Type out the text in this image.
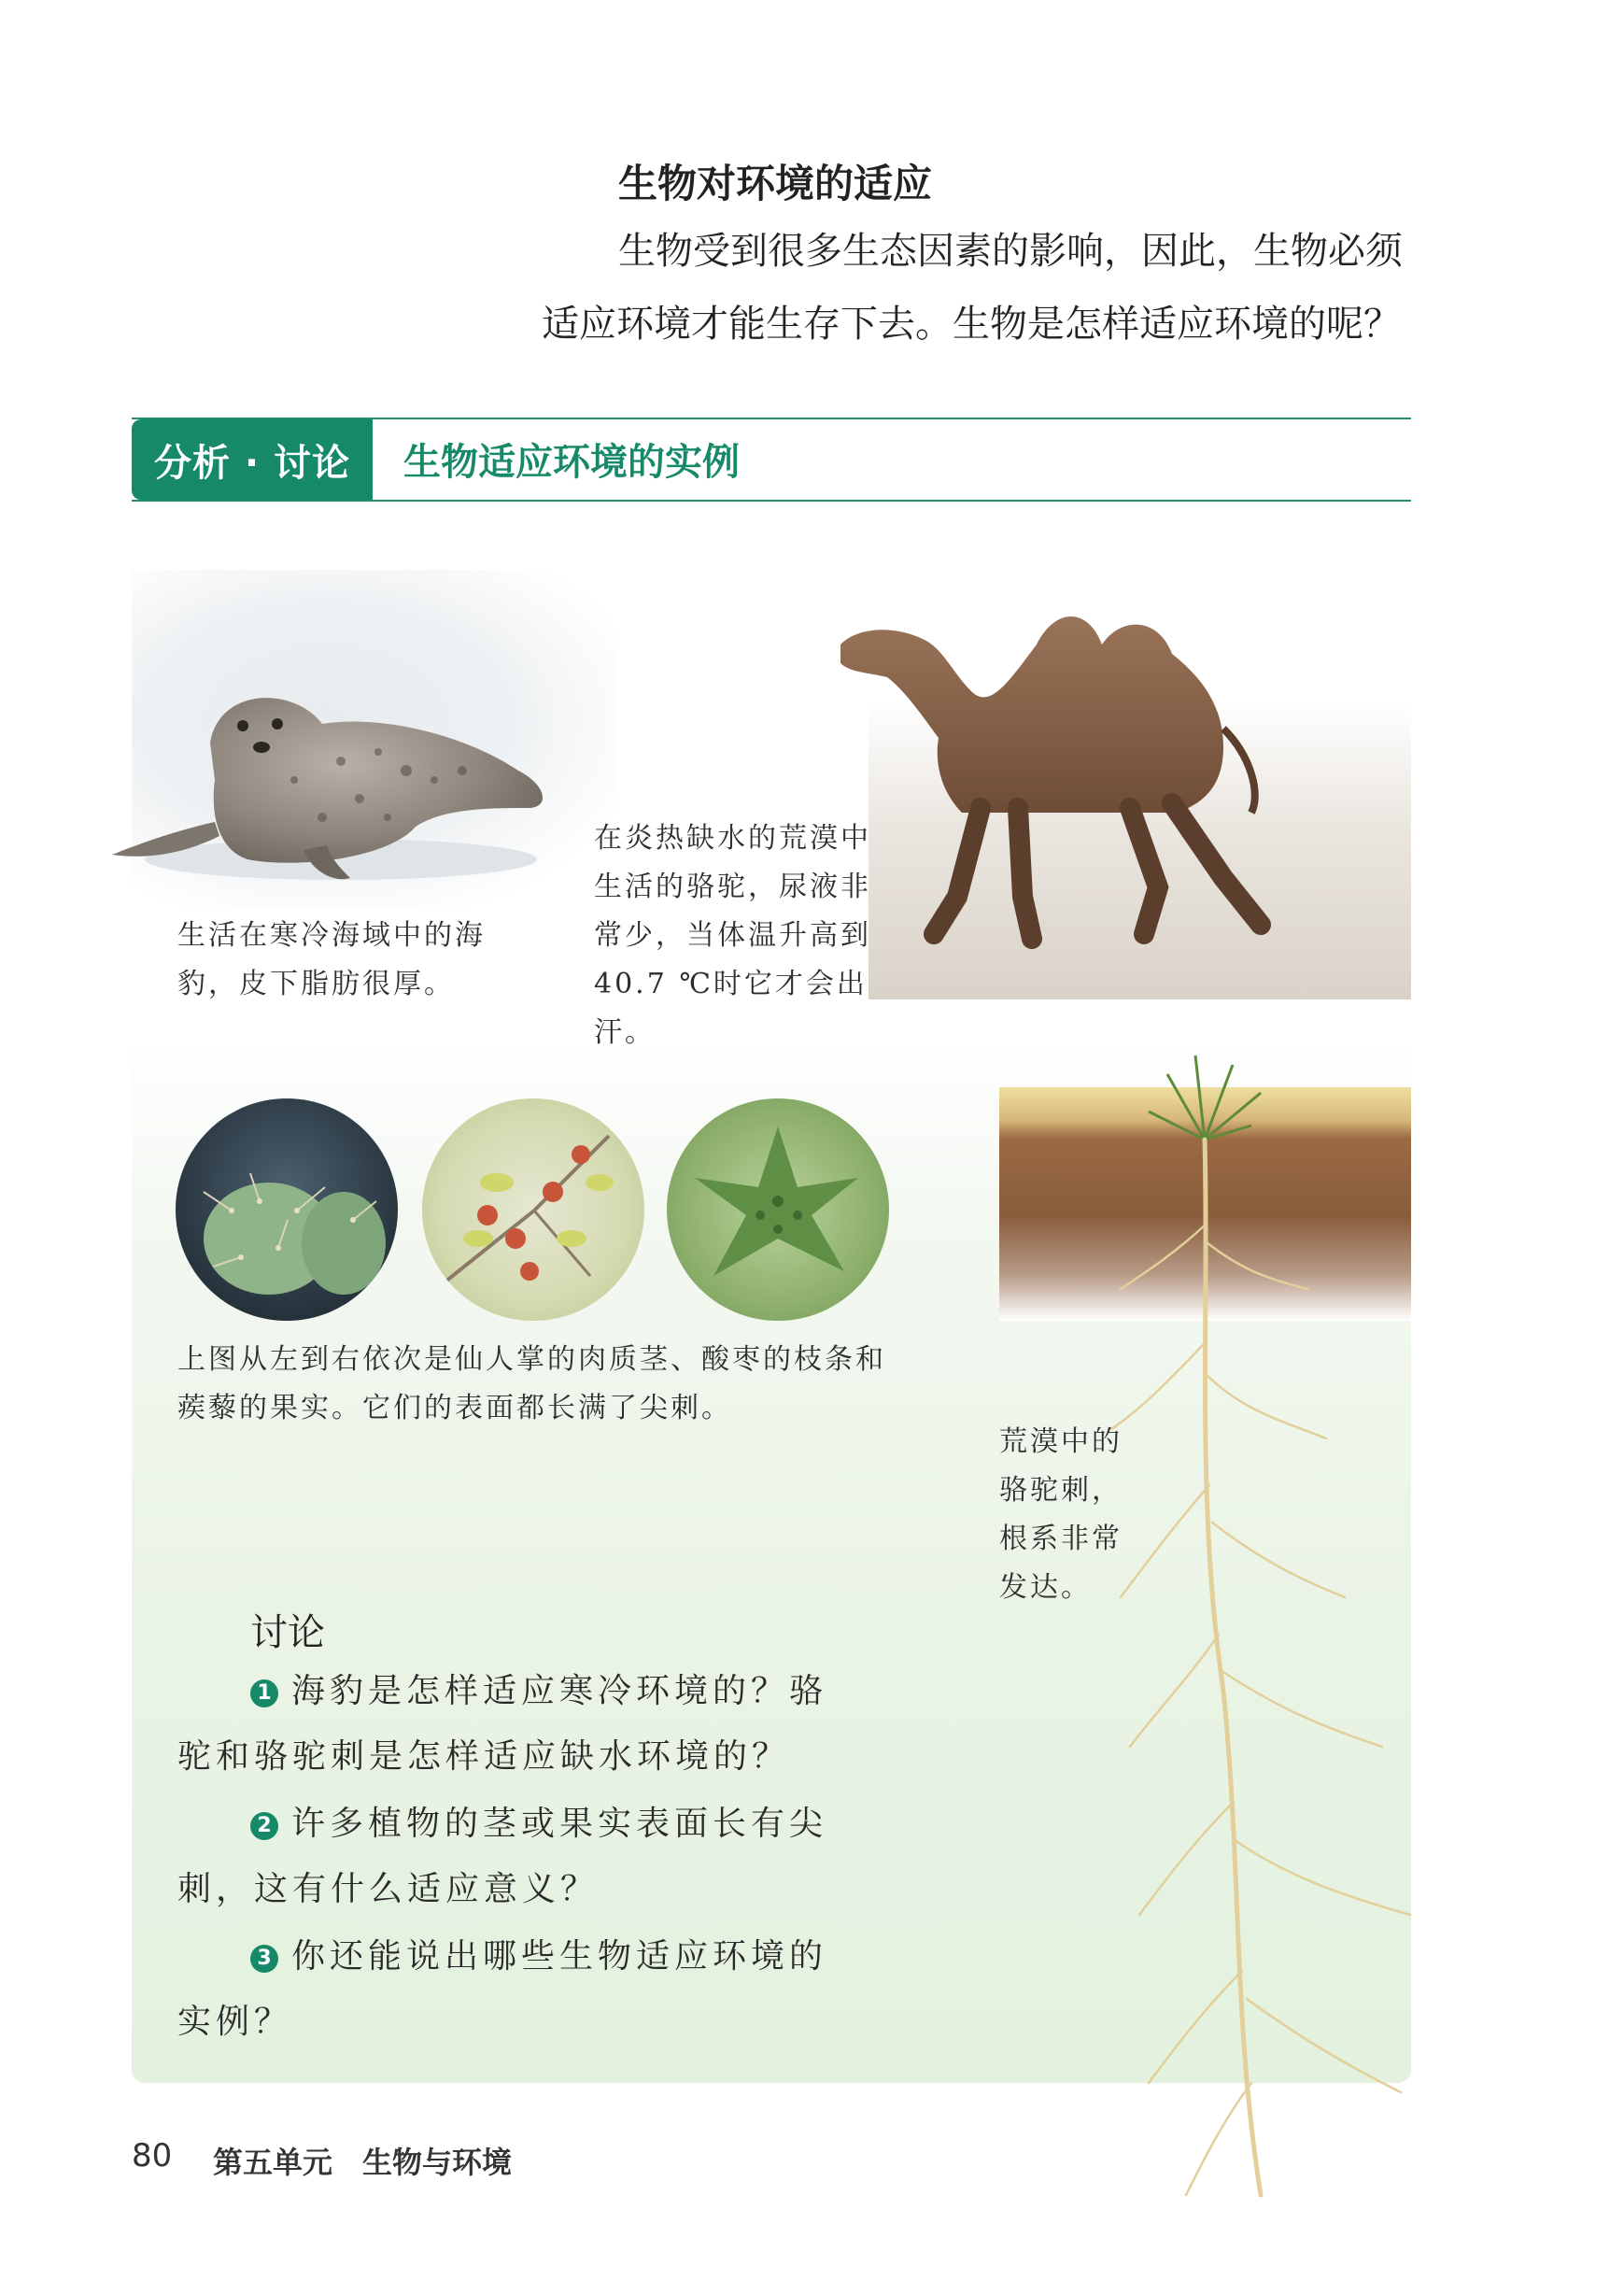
生物对环境的适应

生物受到很多生态因素的影响，因此，生物必须

适应环境才能生存下去。生物是怎样适应环境的呢？

分析 · 讨论	生物适应环境的实例
生活在寒冷海域中的海
豹，皮下脂肪很厚。
在炎热缺水的荒漠中
生活的骆驼，尿液非
常少，当体温升高到
40.7 ℃时它才会出汗。
上图从左到右依次是仙人掌的肉质茎、酸枣的枝条和
蒺藜的果实。它们的表面都长满了尖刺。
荒漠中的
骆驼刺，
根系非常
发达。
讨论

1 海豹是怎样适应寒冷环境的？骆

驼和骆驼刺是怎样适应缺水环境的？

2 许多植物的茎或果实表面长有尖

刺，这有什么适应意义？

3 你还能说出哪些生物适应环境的

实例？

80 第五单元　生物与环境
